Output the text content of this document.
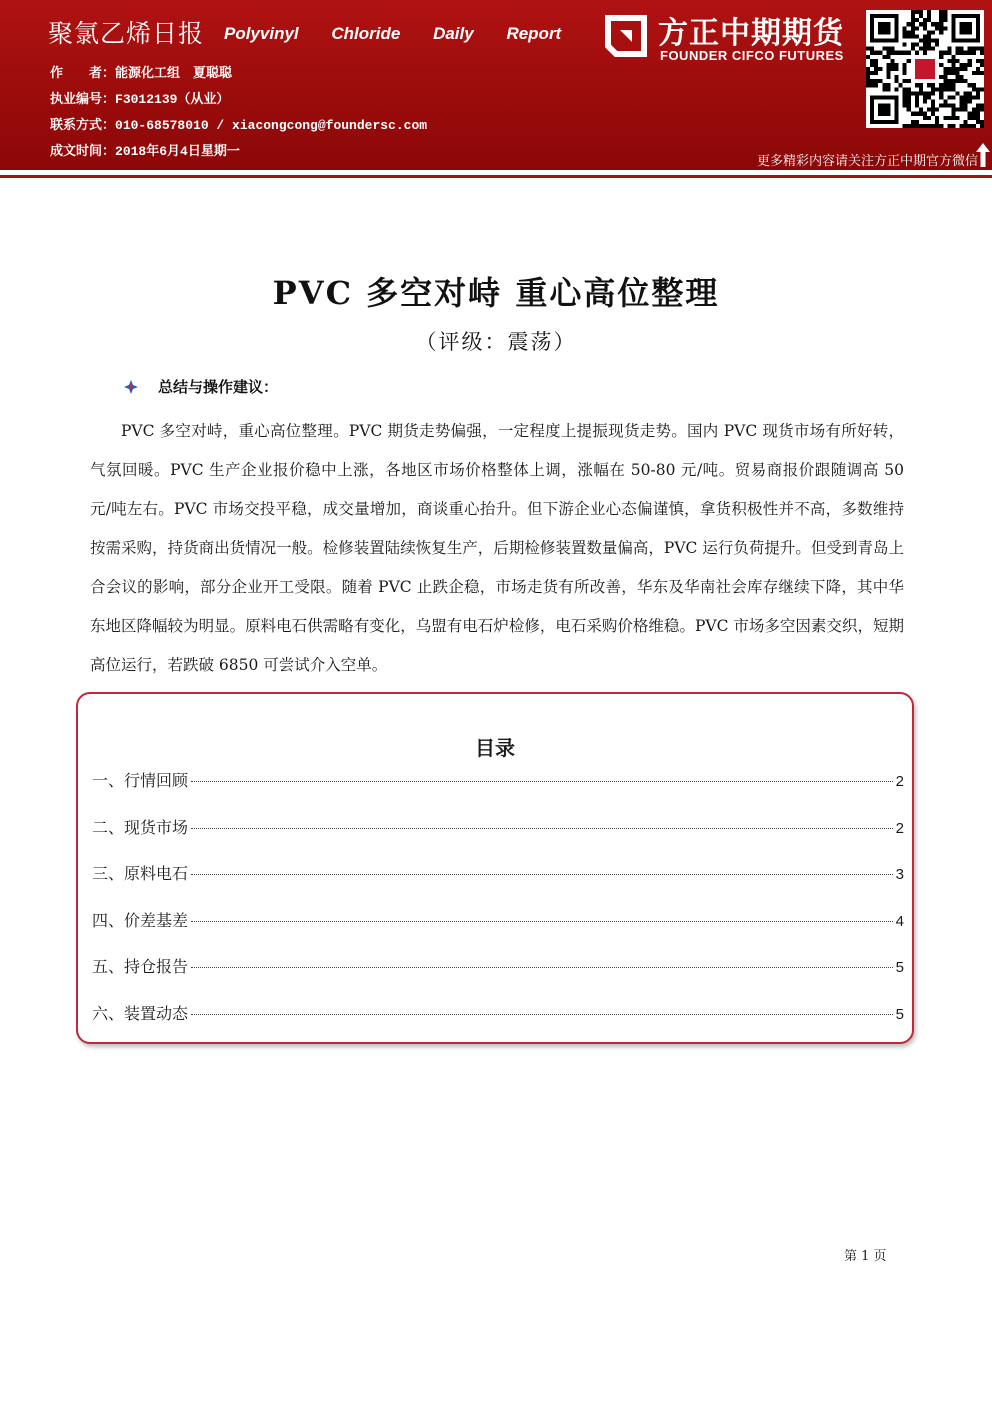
聚氯乙烯日报 Polyvinyl Chloride Daily Report
作　　者：能源化工组　夏聪聪
执业编号：F3012139（从业）
联系方式：010-68578010 / xiacongcong@foundersc.com
成文时间：2018年6月4日星期一
方正中期期货
FOUNDER CIFCO FUTURES
更多精彩内容请关注方正中期官方微信
PVC 多空对峙 重心高位整理
（评级：震荡）
总结与操作建议：
PVC 多空对峙，重心高位整理。PVC 期货走势偏强，一定程度上提振现货走势。国内 PVC 现货市场有所好转，气氛回暖。PVC 生产企业报价稳中上涨，各地区市场价格整体上调，涨幅在 50-80 元/吨。贸易商报价跟随调高 50 元/吨左右。PVC 市场交投平稳，成交量增加，商谈重心抬升。但下游企业心态偏谨慎，拿货积极性并不高，多数维持按需采购，持货商出货情况一般。检修装置陆续恢复生产，后期检修装置数量偏高，PVC 运行负荷提升。但受到青岛上合会议的影响，部分企业开工受限。随着 PVC 止跌企稳，市场走货有所改善，华东及华南社会库存继续下降，其中华东地区降幅较为明显。原料电石供需略有变化，乌盟有电石炉检修，电石采购价格维稳。PVC 市场多空因素交织，短期高位运行，若跌破 6850 可尝试介入空单。
目录
一、行情回顾	2
二、现货市场	2
三、原料电石	3
四、价差基差	4
五、持仓报告	5
六、装置动态	5
第 1 页
